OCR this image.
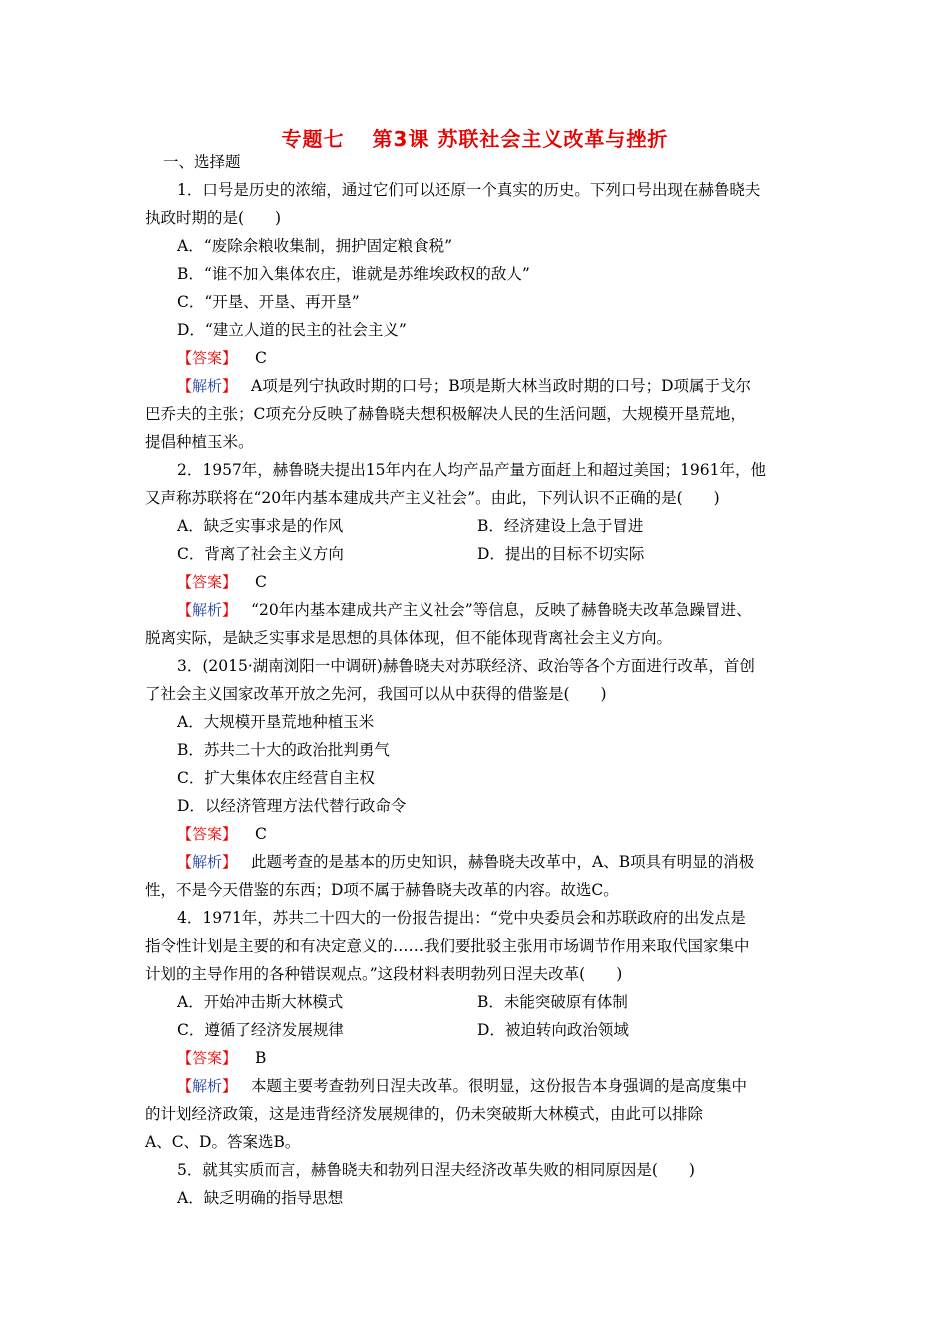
专题七 第3课 苏联社会主义改革与挫折

一、选择题

1．口号是历史的浓缩，通过它们可以还原一个真实的历史。下列口号出现在赫鲁晓夫

执政时期的是(　　)

A．“废除余粮收集制，拥护固定粮食税”

B．“谁不加入集体农庄，谁就是苏维埃政权的敌人”

C．“开垦、开垦、再开垦”

D．“建立人道的民主的社会主义”

【答案】 C

【解析】 A项是列宁执政时期的口号；B项是斯大林当政时期的口号；D项属于戈尔

巴乔夫的主张；C项充分反映了赫鲁晓夫想积极解决人民的生活问题，大规模开垦荒地，

提倡种植玉米。

2．1957年，赫鲁晓夫提出15年内在人均产品产量方面赶上和超过美国；1961年，他

又声称苏联将在“20年内基本建成共产主义社会”。由此，下列认识不正确的是(　　)

A．缺乏实事求是的作风	B．经济建设上急于冒进
C．背离了社会主义方向	D．提出的目标不切实际

【答案】 C

【解析】 “20年内基本建成共产主义社会”等信息，反映了赫鲁晓夫改革急躁冒进、

脱离实际，是缺乏实事求是思想的具体体现，但不能体现背离社会主义方向。

3．(2015·湖南浏阳一中调研)赫鲁晓夫对苏联经济、政治等各个方面进行改革，首创

了社会主义国家改革开放之先河，我国可以从中获得的借鉴是(　　)

A．大规模开垦荒地种植玉米

B．苏共二十大的政治批判勇气

C．扩大集体农庄经营自主权

D．以经济管理方法代替行政命令

【答案】 C

【解析】 此题考查的是基本的历史知识，赫鲁晓夫改革中，A、B项具有明显的消极

性，不是今天借鉴的东西；D项不属于赫鲁晓夫改革的内容。故选C。

4．1971年，苏共二十四大的一份报告提出：“党中央委员会和苏联政府的出发点是

指令性计划是主要的和有决定意义的……我们要批驳主张用市场调节作用来取代国家集中

计划的主导作用的各种错误观点。”这段材料表明勃列日涅夫改革(　　)

A．开始冲击斯大林模式	B．未能突破原有体制
C．遵循了经济发展规律	D．被迫转向政治领域

【答案】 B

【解析】 本题主要考查勃列日涅夫改革。很明显，这份报告本身强调的是高度集中

的计划经济政策，这是违背经济发展规律的，仍未突破斯大林模式，由此可以排除

A、C、D。答案选B。

5．就其实质而言，赫鲁晓夫和勃列日涅夫经济改革失败的相同原因是(　　)

A．缺乏明确的指导思想
